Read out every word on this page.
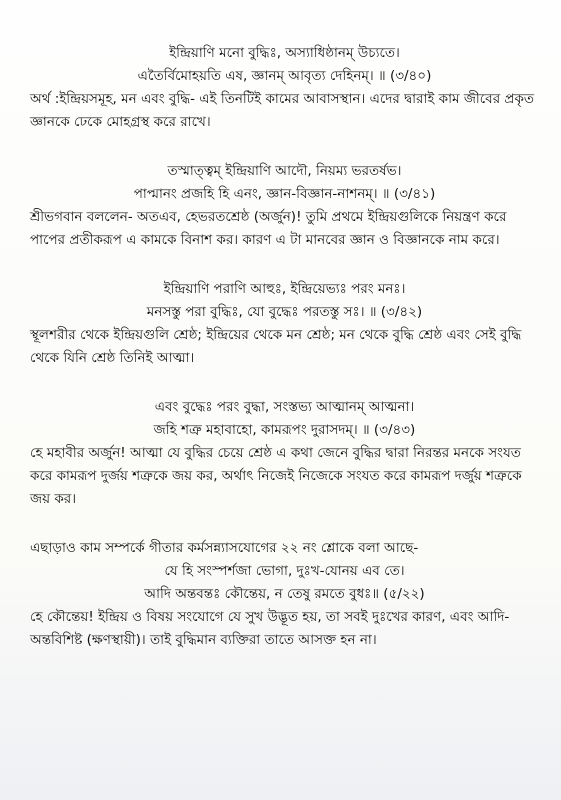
ইন্দ্রিয়াণি মনো বুদ্ধিঃ, অস্যাধিষ্ঠানম্ উচ্যতে।
এতৈর্বিমোহয়তি এষ, জ্ঞানম্ আবৃত্য দেহিনম্। ॥ (৩/৪০)

অর্থ :ইন্দ্রিয়সমূহ, মন এবং বুদ্ধি- এই তিনটিই কামের আবাসস্থান। এদের দ্বারাই কাম জীবের প্রকৃত জ্ঞানকে ঢেকে মোহগ্রস্থ করে রাখে।

তস্মাত্ত্বম্ ইন্দ্রিয়াণি আদৌ, নিয়ম্য ভরতর্ষভ।
পাপ্মানং প্রজহি হি এনং, জ্ঞান-বিজ্ঞান-নাশনম্। ॥ (৩/৪১)

শ্রীভগবান বললেন- অতএব, হেভরতশ্রেষ্ঠ (অর্জুন)! তুমি প্রথমে ইন্দ্রিয়গুলিকে নিয়ন্ত্রণ করে পাপের প্রতীকরূপ এ কামকে বিনাশ কর। কারণ এ টা মানবের জ্ঞান ও বিজ্ঞানকে নাম করে।

ইন্দ্রিয়াণি পরাণি আহুঃ, ইন্দ্রিয়েভ্যঃ পরং মনঃ।
মনসস্তু পরা বুদ্ধিঃ, যো বুদ্ধেঃ পরতস্তু সঃ। ॥ (৩/৪২)

স্থূলশরীর থেকে ইন্দ্রিয়গুলি শ্রেষ্ঠ; ইন্দ্রিয়ের থেকে মন শ্রেষ্ঠ; মন থেকে বুদ্ধি শ্রেষ্ঠ এবং সেই বুদ্ধি থেকে যিনি শ্রেষ্ঠ তিনিই আত্মা।

এবং বুদ্ধেঃ পরং বুদ্ধা, সংস্তভ্য আত্মানম্ আত্মনা।
জহি শত্রু মহাবাহো, কামরূপং দুরাসদম্। ॥ (৩/৪৩)

হে মহাবীর অর্জুন! আত্মা যে বুদ্ধির চেয়ে শ্রেষ্ঠ এ কথা জেনে বুদ্ধির দ্বারা নিরন্তর মনকে সংযত করে কামরূপ দুর্জয় শত্রুকে জয় কর, অর্থাৎ নিজেই নিজেকে সংযত করে কামরূপ দর্জুয় শত্রুকে জয় কর।

এছাড়াও কাম সম্পর্কে গীতার কর্মসন্ন্যাসযোগের ২২ নং শ্লোকে বলা আছে-

যে হি সংস্পর্শজা ভোগা, দুঃখ-যোনয় এব তে।
আদি অন্তবন্তঃ কৌন্তেয়, ন তেষু রমতে বুধঃ॥ (৫/২২)

হে কৌন্তেয়! ইন্দ্রিয় ও বিষয় সংযোগে যে সুখ উদ্ভূত হয়, তা সবই দুঃখের কারণ, এবং আদি-অন্তবিশিষ্ট (ক্ষণস্থায়ী)। তাই বুদ্ধিমান ব্যক্তিরা তাতে আসক্ত হন না।
